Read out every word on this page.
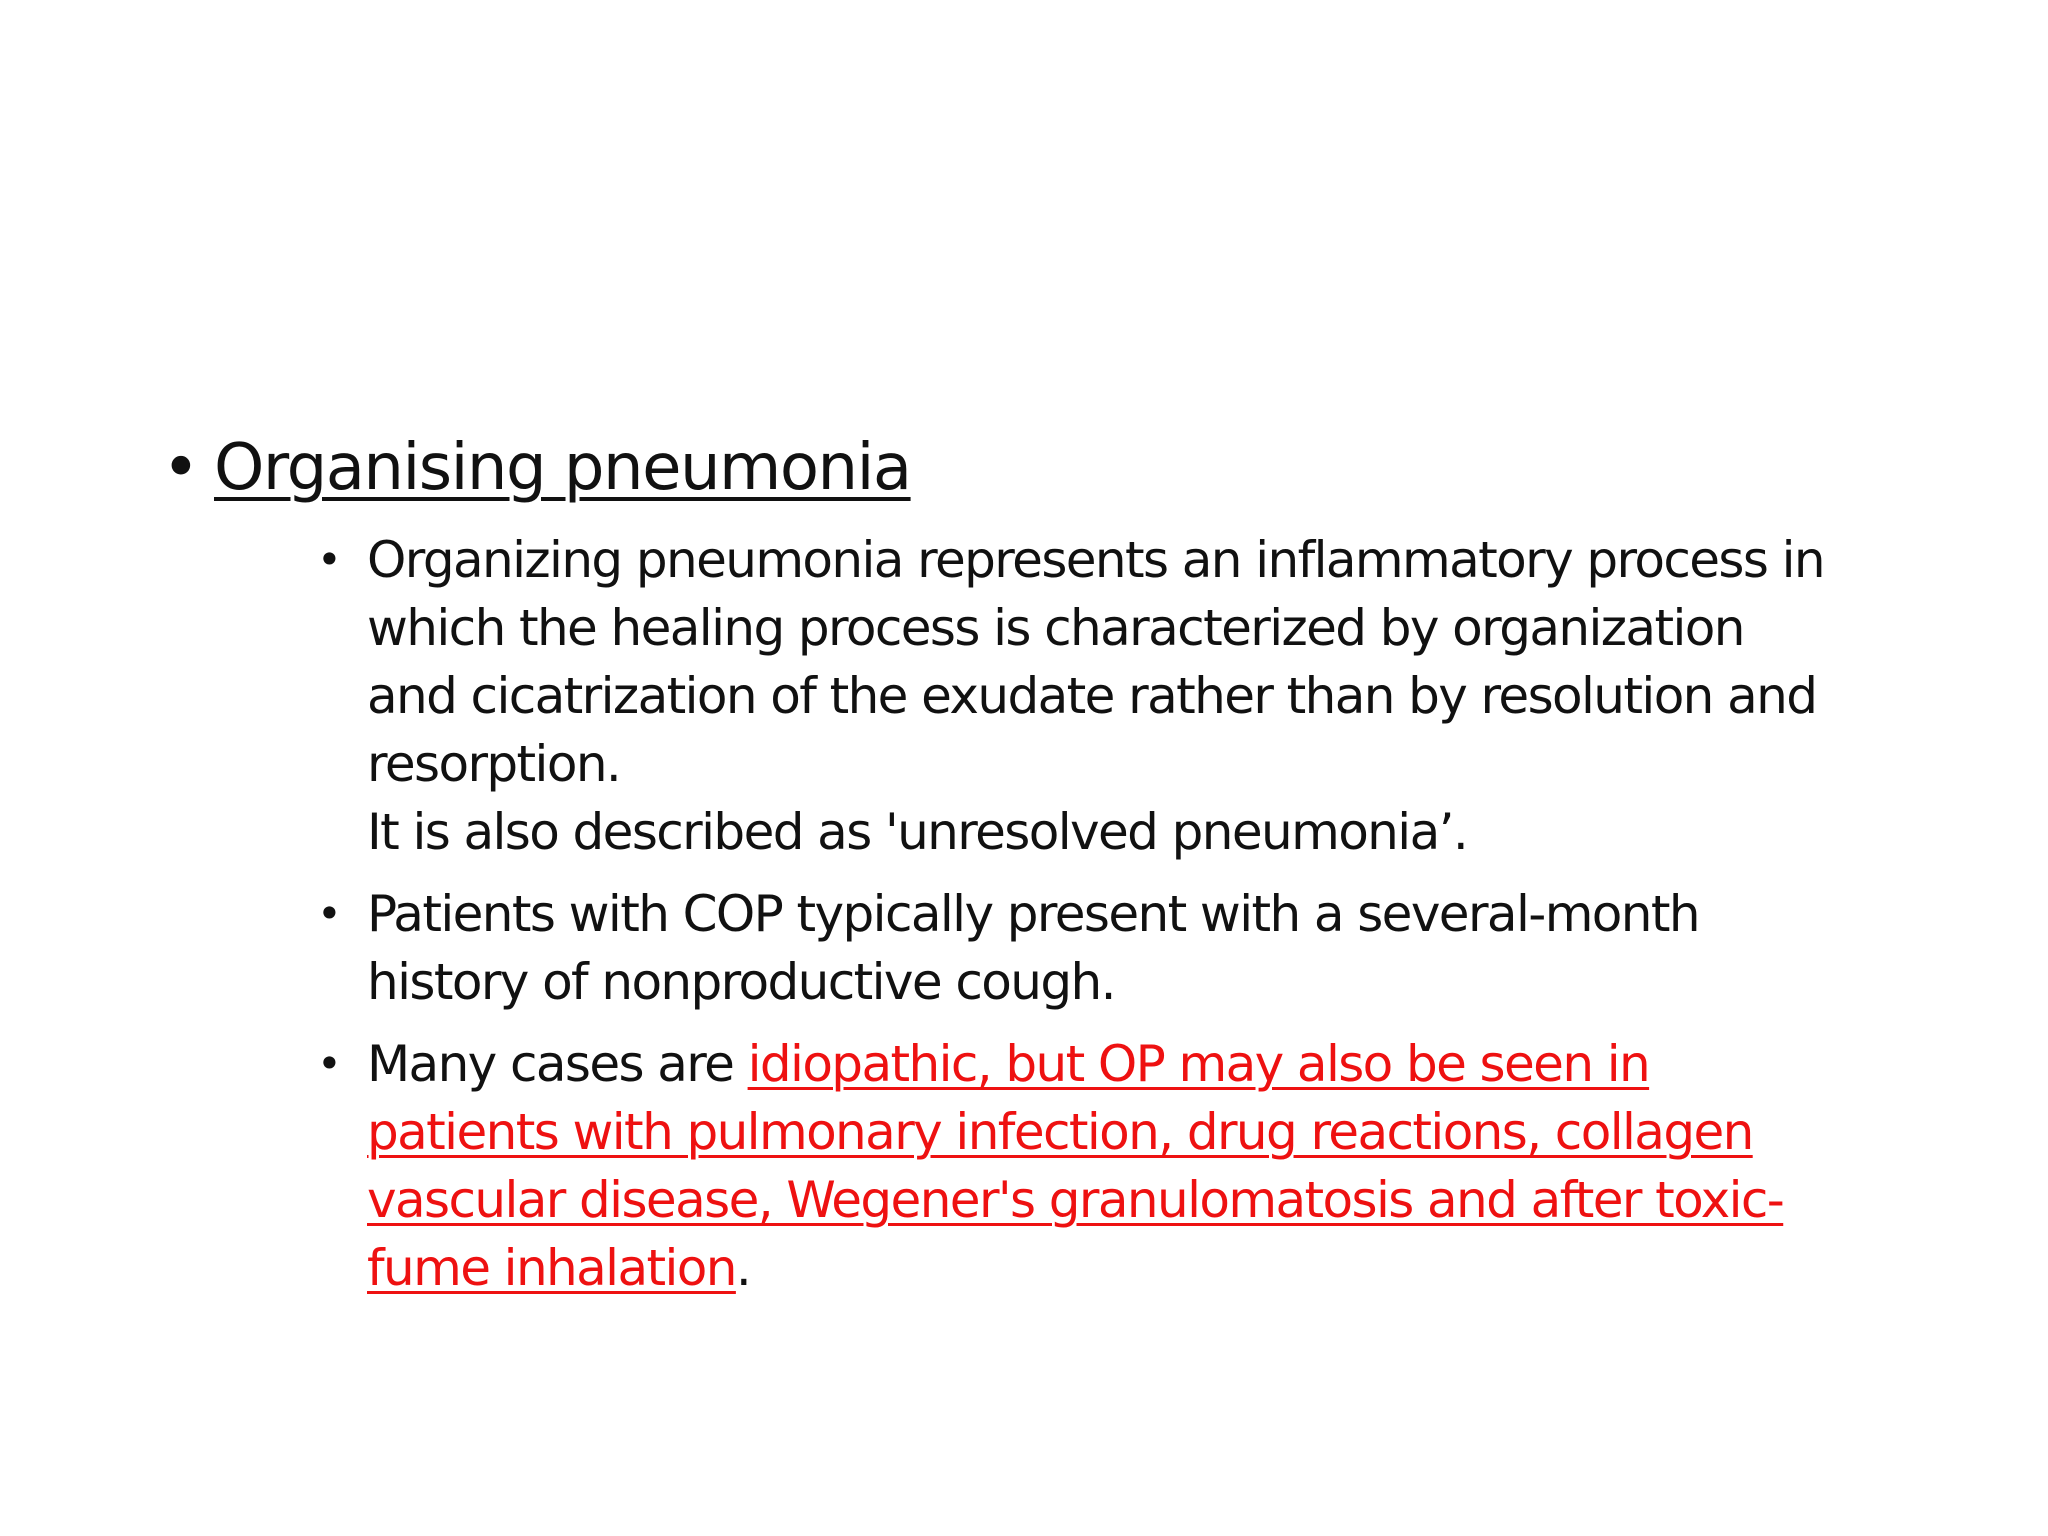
• Organising pneumonia
• Organizing pneumonia represents an inflammatory process in
which the healing process is characterized by organization
and cicatrization of the exudate rather than by resolution and
resorption.
It is also described as 'unresolved pneumonia’.
• Patients with COP typically present with a several-month
history of nonproductive cough.
• Many cases are idiopathic, but OP may also be seen in
patients with pulmonary infection, drug reactions, collagen
vascular disease, Wegener's granulomatosis and after toxic-
fume inhalation.
